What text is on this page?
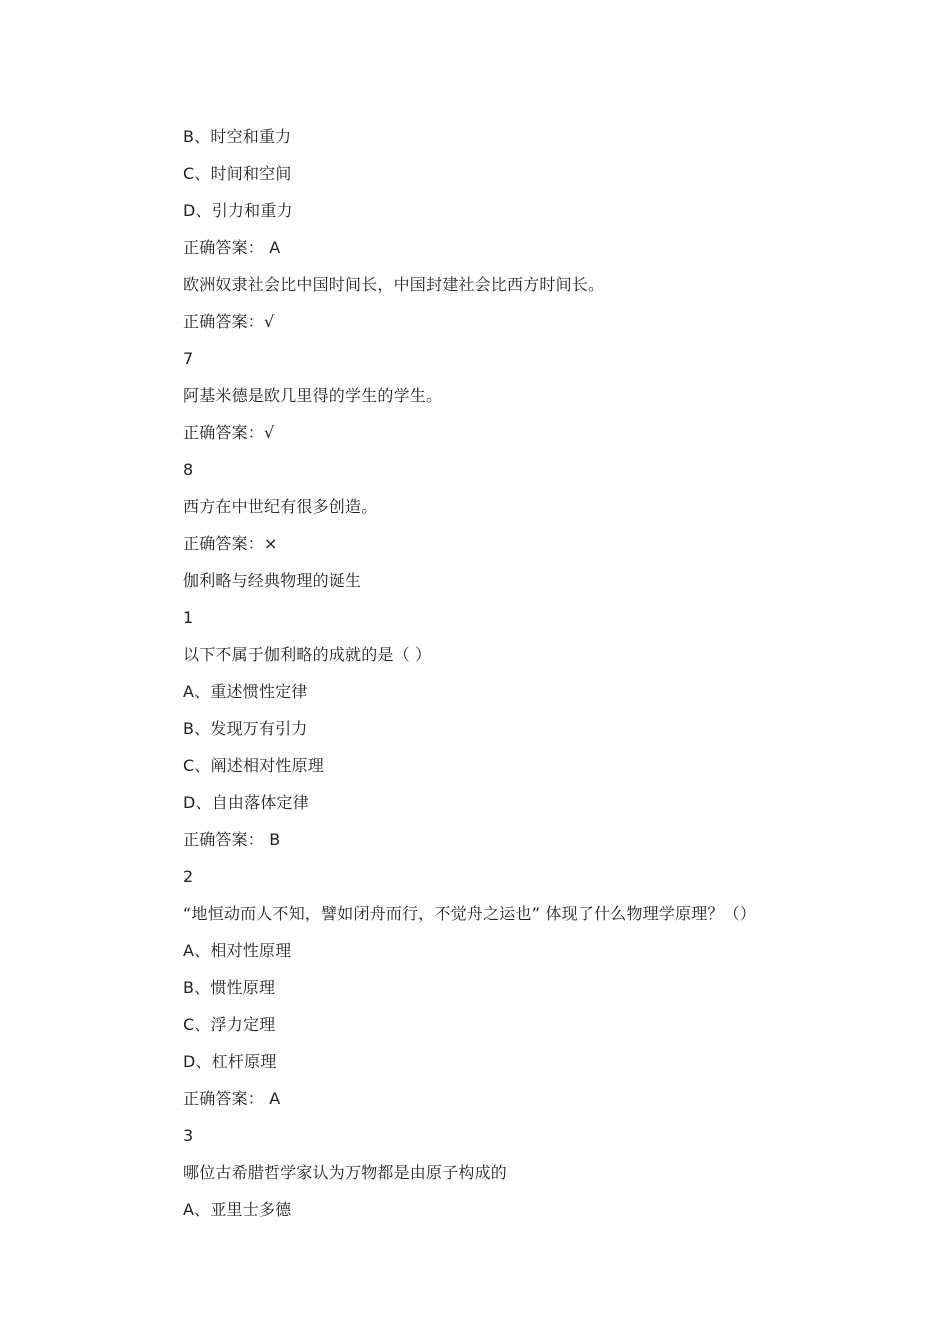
B、时空和重力
C、时间和空间
D、引力和重力
正确答案： A
欧洲奴隶社会比中国时间长，中国封建社会比西方时间长。
正确答案：√
7
阿基米德是欧几里得的学生的学生。
正确答案：√
8
西方在中世纪有很多创造。
正确答案：×
伽利略与经典物理的诞生
1
以下不属于伽利略的成就的是（ ）
A、重述惯性定律
B、发现万有引力
C、阐述相对性原理
D、自由落体定律
正确答案： B
2
“地恒动而人不知，譬如闭舟而行，不觉舟之运也” 体现了什么物理学原理？（）
A、相对性原理
B、惯性原理
C、浮力定理
D、杠杆原理
正确答案： A
3
哪位古希腊哲学家认为万物都是由原子构成的
A、亚里士多德
